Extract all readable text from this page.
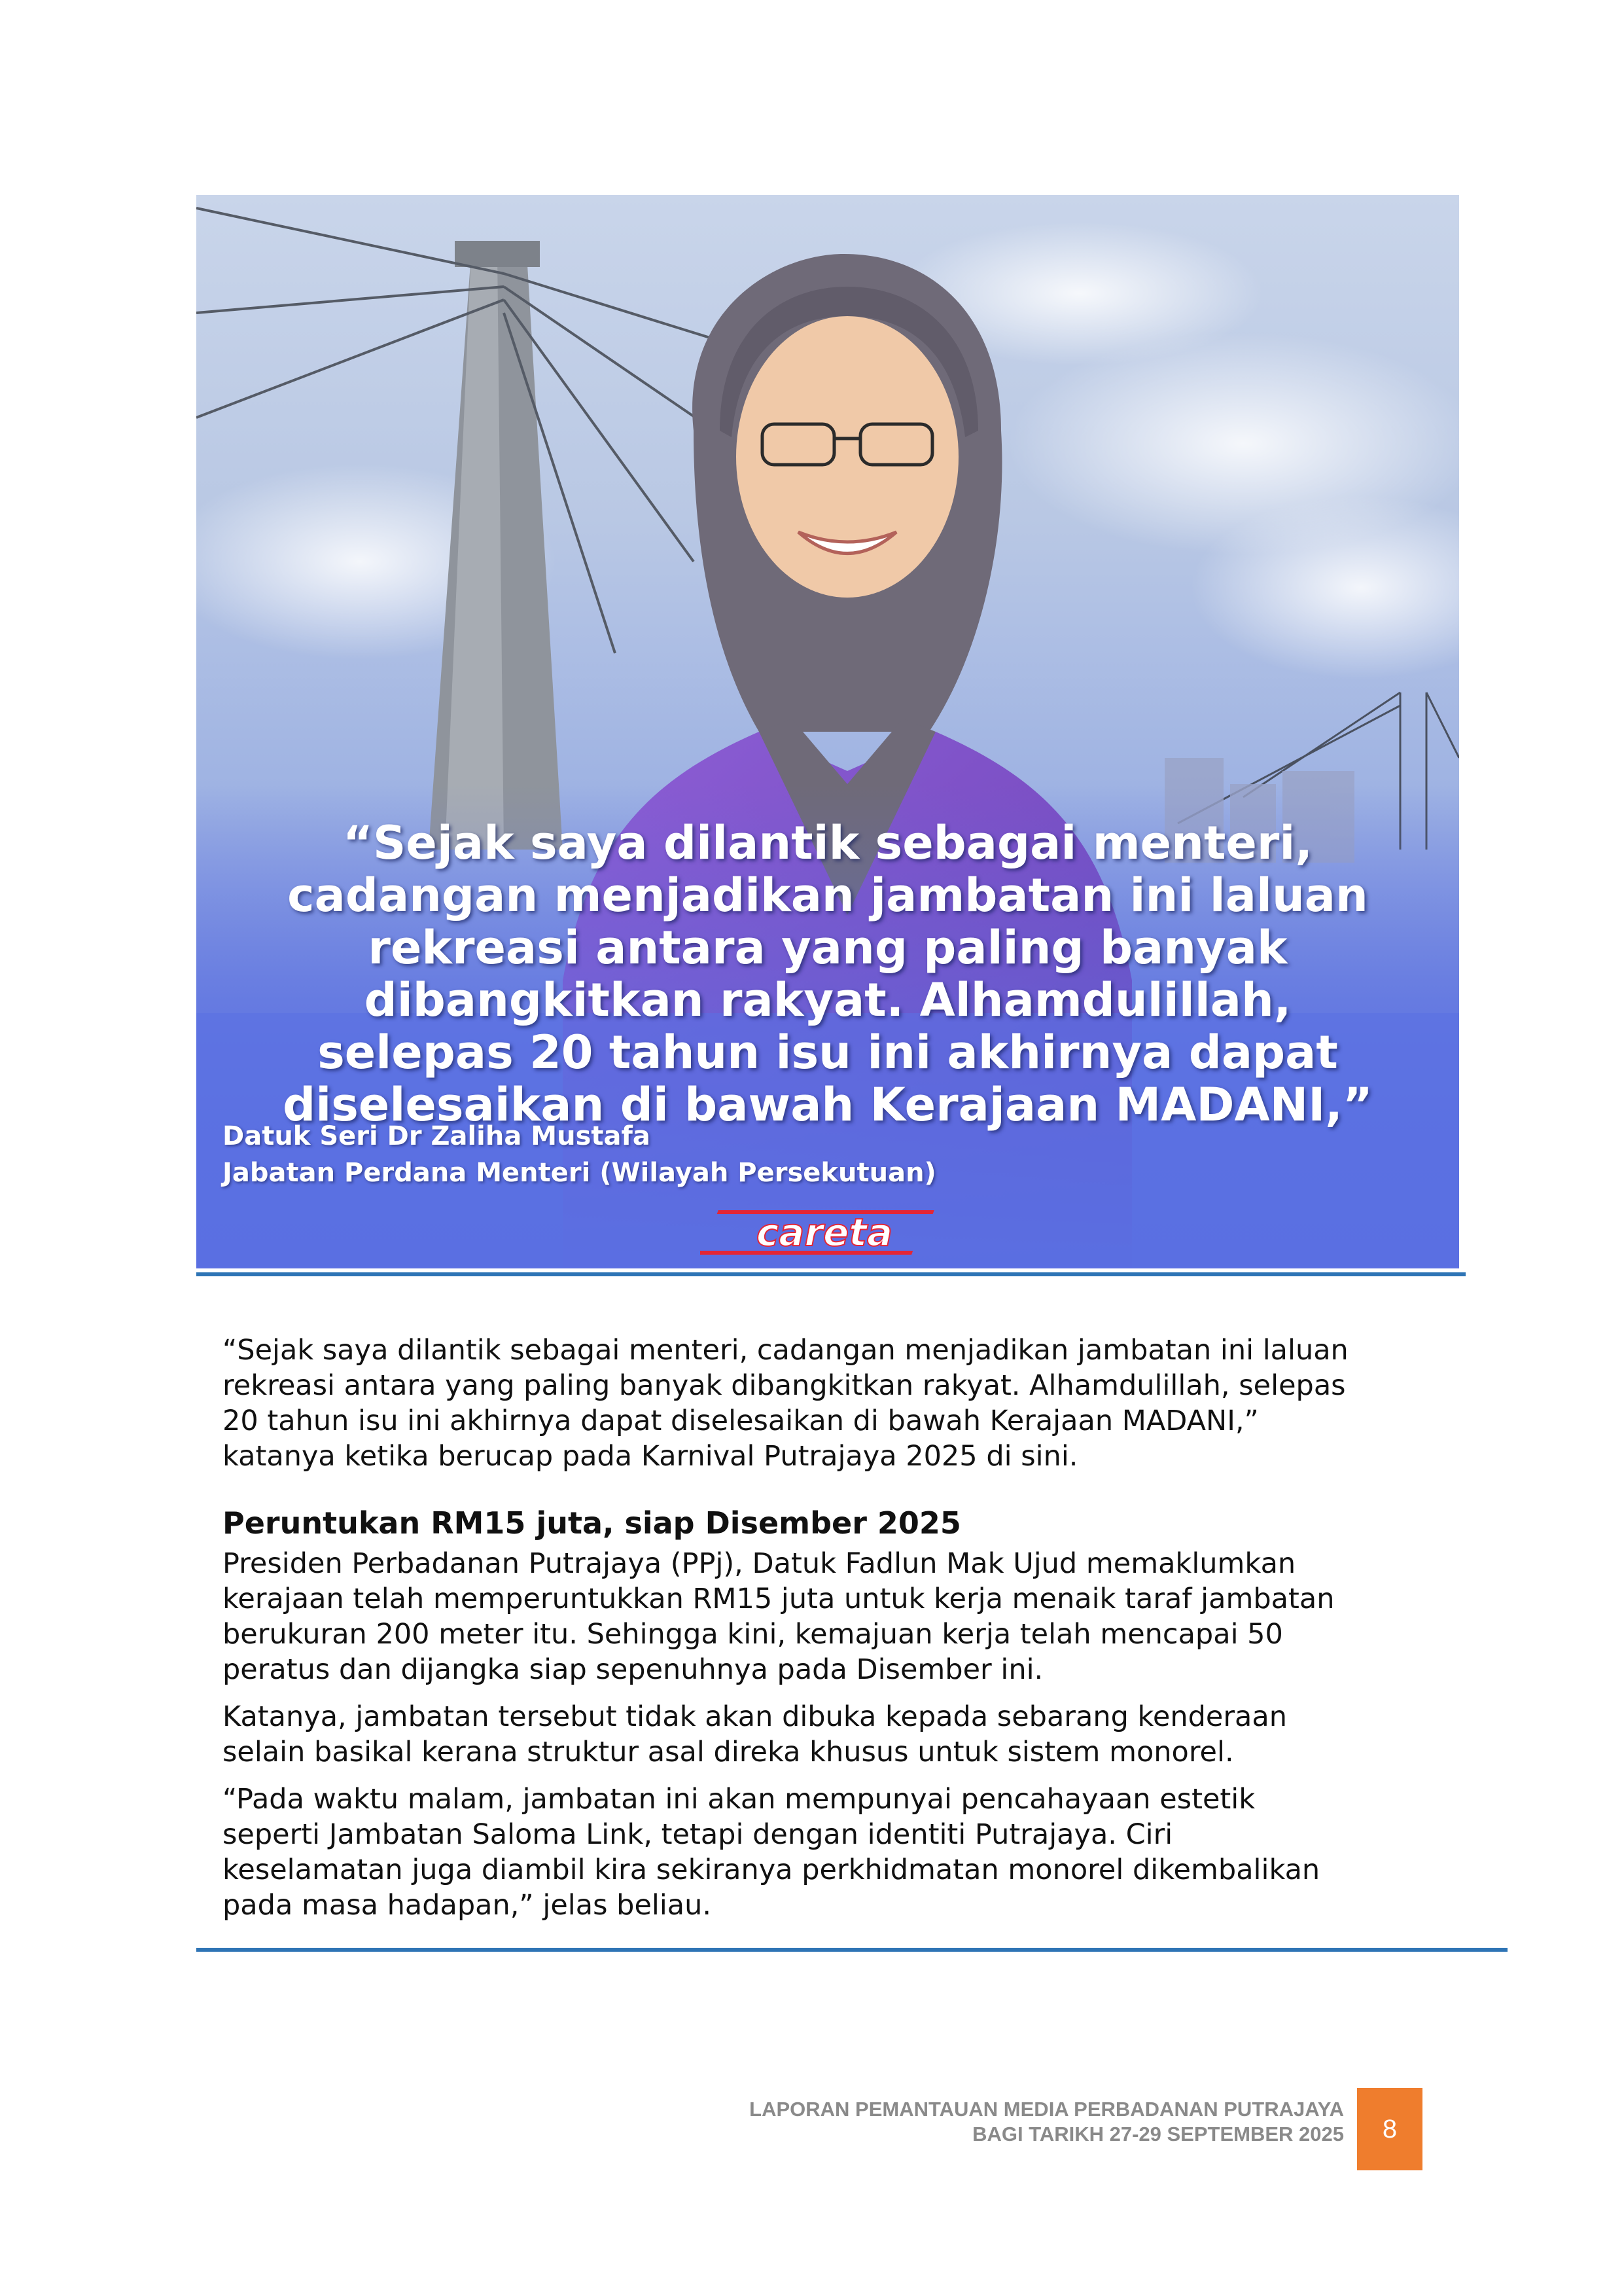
“Sejak saya dilantik sebagai menteri,
cadangan menjadikan jambatan ini laluan
rekreasi antara yang paling banyak
dibangkitkan rakyat. Alhamdulillah,
selepas 20 tahun isu ini akhirnya dapat
diselesaikan di bawah Kerajaan MADANI,”
Datuk Seri Dr Zaliha Mustafa
Jabatan Perdana Menteri (Wilayah Persekutuan)
careta
“Sejak saya dilantik sebagai menteri, cadangan menjadikan jambatan ini laluan
rekreasi antara yang paling banyak dibangkitkan rakyat. Alhamdulillah, selepas
20 tahun isu ini akhirnya dapat diselesaikan di bawah Kerajaan MADANI,”
katanya ketika berucap pada Karnival Putrajaya 2025 di sini.
Peruntukan RM15 juta, siap Disember 2025
Presiden Perbadanan Putrajaya (PPj), Datuk Fadlun Mak Ujud memaklumkan
kerajaan telah memperuntukkan RM15 juta untuk kerja menaik taraf jambatan
berukuran 200 meter itu. Sehingga kini, kemajuan kerja telah mencapai 50
peratus dan dijangka siap sepenuhnya pada Disember ini.
Katanya, jambatan tersebut tidak akan dibuka kepada sebarang kenderaan
selain basikal kerana struktur asal direka khusus untuk sistem monorel.
“Pada waktu malam, jambatan ini akan mempunyai pencahayaan estetik
seperti Jambatan Saloma Link, tetapi dengan identiti Putrajaya. Ciri
keselamatan juga diambil kira sekiranya perkhidmatan monorel dikembalikan
pada masa hadapan,” jelas beliau.
LAPORAN PEMANTAUAN MEDIA PERBADANAN PUTRAJAYA
BAGI TARIKH 27-29 SEPTEMBER 2025 8
